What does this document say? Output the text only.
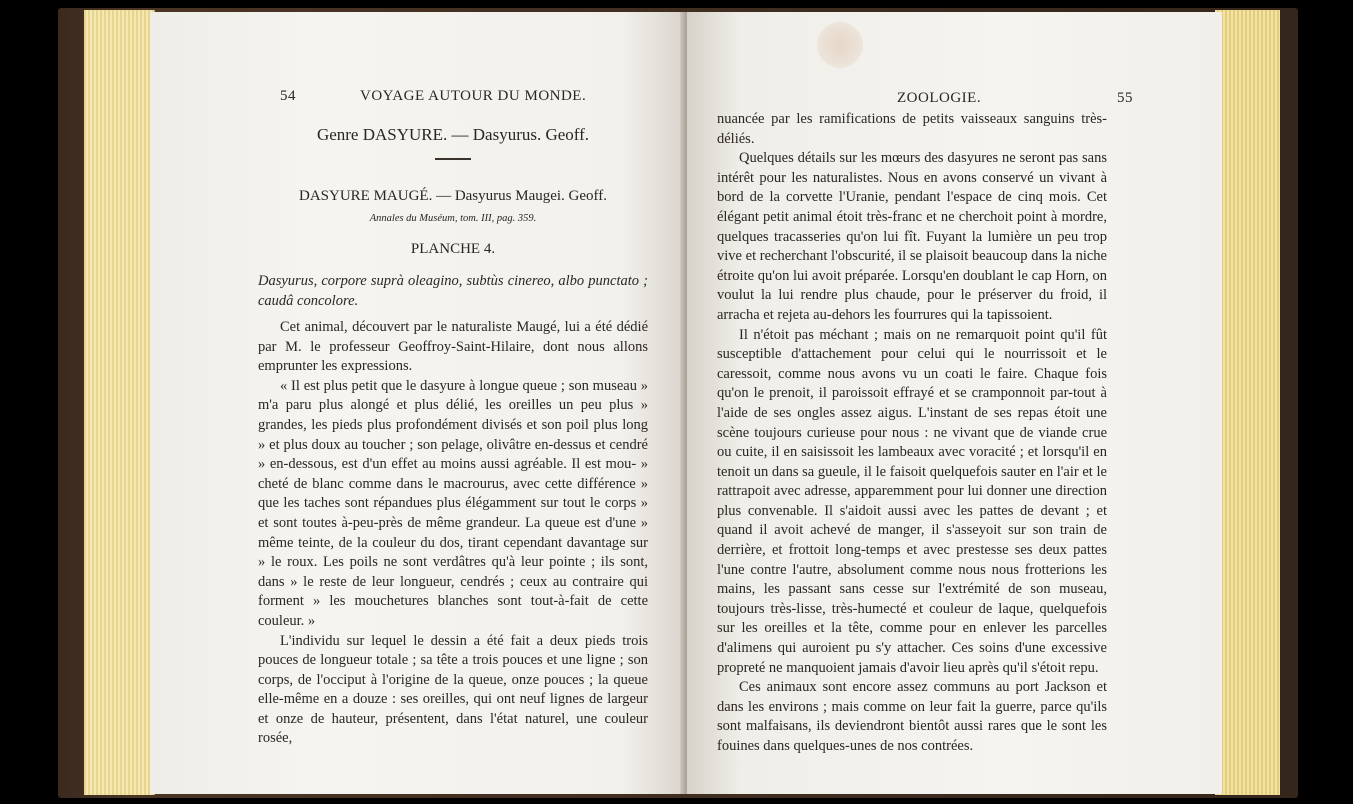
54	VOYAGE AUTOUR DU MONDE.
Genre DASYURE. — Dasyurus. Geoff.
DASYURE MAUGÉ. — Dasyurus Maugei. Geoff.
Annales du Muséum, tom. III, pag. 359.
PLANCHE 4.
Dasyurus, corpore suprà oleagino, subtùs cinereo, albo punctato ; caudâ concolore.

Cet animal, découvert par le naturaliste Maugé, lui a été dédié par M. le professeur Geoffroy-Saint-Hilaire, dont nous allons emprunter les expressions.

« Il est plus petit que le dasyure à longue queue ; son museau » m'a paru plus alongé et plus délié, les oreilles un peu plus » grandes, les pieds plus profondément divisés et son poil plus long » et plus doux au toucher ; son pelage, olivâtre en-dessus et cendré » en-dessous, est d'un effet au moins aussi agréable. Il est mou- » cheté de blanc comme dans le macrourus, avec cette différence » que les taches sont répandues plus élégamment sur tout le corps » et sont toutes à-peu-près de même grandeur. La queue est d'une » même teinte, de la couleur du dos, tirant cependant davantage sur » le roux. Les poils ne sont verdâtres qu'à leur pointe ; ils sont, dans » le reste de leur longueur, cendrés ; ceux au contraire qui forment » les mouchetures blanches sont tout-à-fait de cette couleur. »

L'individu sur lequel le dessin a été fait a deux pieds trois pouces de longueur totale ; sa tête a trois pouces et une ligne ; son corps, de l'occiput à l'origine de la queue, onze pouces ; la queue elle-même en a douze : ses oreilles, qui ont neuf lignes de largeur et onze de hauteur, présentent, dans l'état naturel, une couleur rosée,

ZOOLOGIE.	55

nuancée par les ramifications de petits vaisseaux sanguins très-déliés.

Quelques détails sur les mœurs des dasyures ne seront pas sans intérêt pour les naturalistes. Nous en avons conservé un vivant à bord de la corvette l'Uranie, pendant l'espace de cinq mois. Cet élégant petit animal étoit très-franc et ne cherchoit point à mordre, quelques tracasseries qu'on lui fît. Fuyant la lumière un peu trop vive et recherchant l'obscurité, il se plaisoit beaucoup dans la niche étroite qu'on lui avoit préparée. Lorsqu'en doublant le cap Horn, on voulut la lui rendre plus chaude, pour le préserver du froid, il arracha et rejeta au-dehors les fourrures qui la tapissoient.

Il n'étoit pas méchant ; mais on ne remarquoit point qu'il fût susceptible d'attachement pour celui qui le nourrissoit et le caressoit, comme nous avons vu un coati le faire. Chaque fois qu'on le prenoit, il paroissoit effrayé et se cramponnoit par-tout à l'aide de ses ongles assez aigus. L'instant de ses repas étoit une scène toujours curieuse pour nous : ne vivant que de viande crue ou cuite, il en saisissoit les lambeaux avec voracité ; et lorsqu'il en tenoit un dans sa gueule, il le faisoit quelquefois sauter en l'air et le rattrapoit avec adresse, apparemment pour lui donner une direction plus convenable. Il s'aidoit aussi avec les pattes de devant ; et quand il avoit achevé de manger, il s'asseyoit sur son train de derrière, et frottoit long-temps et avec prestesse ses deux pattes l'une contre l'autre, absolument comme nous nous frotterions les mains, les passant sans cesse sur l'extrémité de son museau, toujours très-lisse, très-humecté et couleur de laque, quelquefois sur les oreilles et la tête, comme pour en enlever les parcelles d'alimens qui auroient pu s'y attacher. Ces soins d'une excessive propreté ne manquoient jamais d'avoir lieu après qu'il s'étoit repu.

Ces animaux sont encore assez communs au port Jackson et dans les environs ; mais comme on leur fait la guerre, parce qu'ils sont malfaisans, ils deviendront bientôt aussi rares que le sont les fouines dans quelques-unes de nos contrées.
